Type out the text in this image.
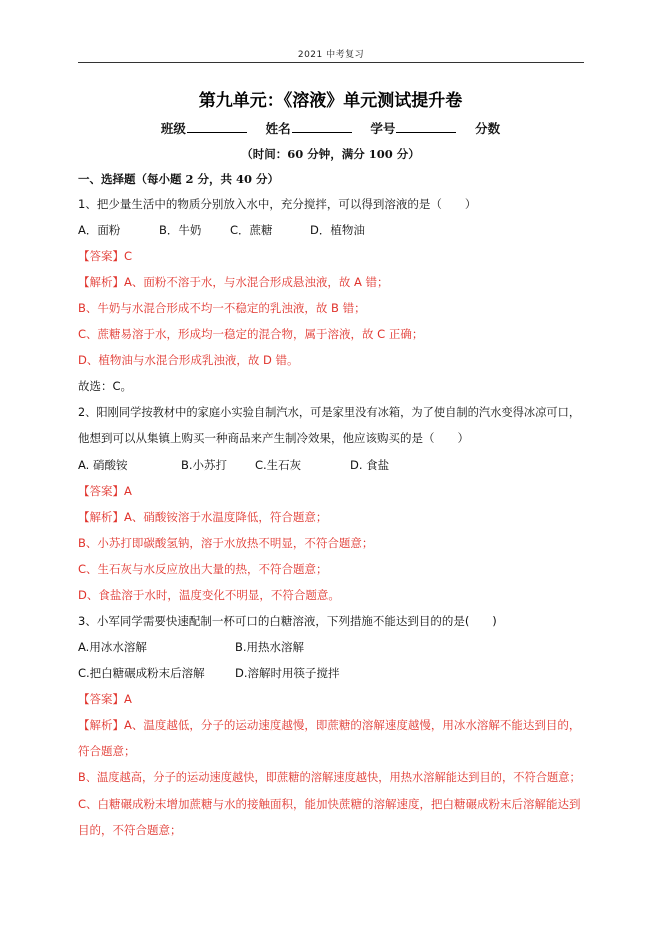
2021 中考复习
第九单元：《溶液》单元测试提升卷
班级	姓名	学号	分数
（时间：60 分钟，满分 100 分）
一、选择题（每小题 2 分，共 40 分）
1、把少量生活中的物质分别放入水中，充分搅拌，可以得到溶液的是（　　）
A．面粉	B．牛奶 C．蔗糖	D．植物油
【答案】C
【解析】A、面粉不溶于水，与水混合形成悬浊液，故 A 错；
B、牛奶与水混合形成不均一不稳定的乳浊液，故 B 错；
C、蔗糖易溶于水，形成均一稳定的混合物，属于溶液，故 C 正确；
D、植物油与水混合形成乳浊液，故 D 错。
故选：C。
2、阳刚同学按教材中的家庭小实验自制汽水，可是家里没有冰箱，为了使自制的汽水变得冰凉可口，
他想到可以从集镇上购买一种商品来产生制冷效果，他应该购买的是（　　）
A. 硝酸铵	B.小苏打 C.生石灰	D. 食盐
【答案】A
【解析】A、硝酸铵溶于水温度降低，符合题意；
B、小苏打即碳酸氢钠，溶于水放热不明显，不符合题意；
C、生石灰与水反应放出大量的热，不符合题意；
D、食盐溶于水时，温度变化不明显，不符合题意。
3、小军同学需要快速配制一杯可口的白糖溶液，下列措施不能达到目的的是(　　)
A.用冰水溶解	B.用热水溶解
C.把白糖碾成粉末后溶解	D.溶解时用筷子搅拌
【答案】A
【解析】A、温度越低，分子的运动速度越慢，即蔗糖的溶解速度越慢，用冰水溶解不能达到目的，
符合题意；
B、温度越高，分子的运动速度越快，即蔗糖的溶解速度越快，用热水溶解能达到目的，不符合题意；
C、白糖碾成粉末增加蔗糖与水的接触面积，能加快蔗糖的溶解速度，把白糖碾成粉末后溶解能达到
目的，不符合题意；
